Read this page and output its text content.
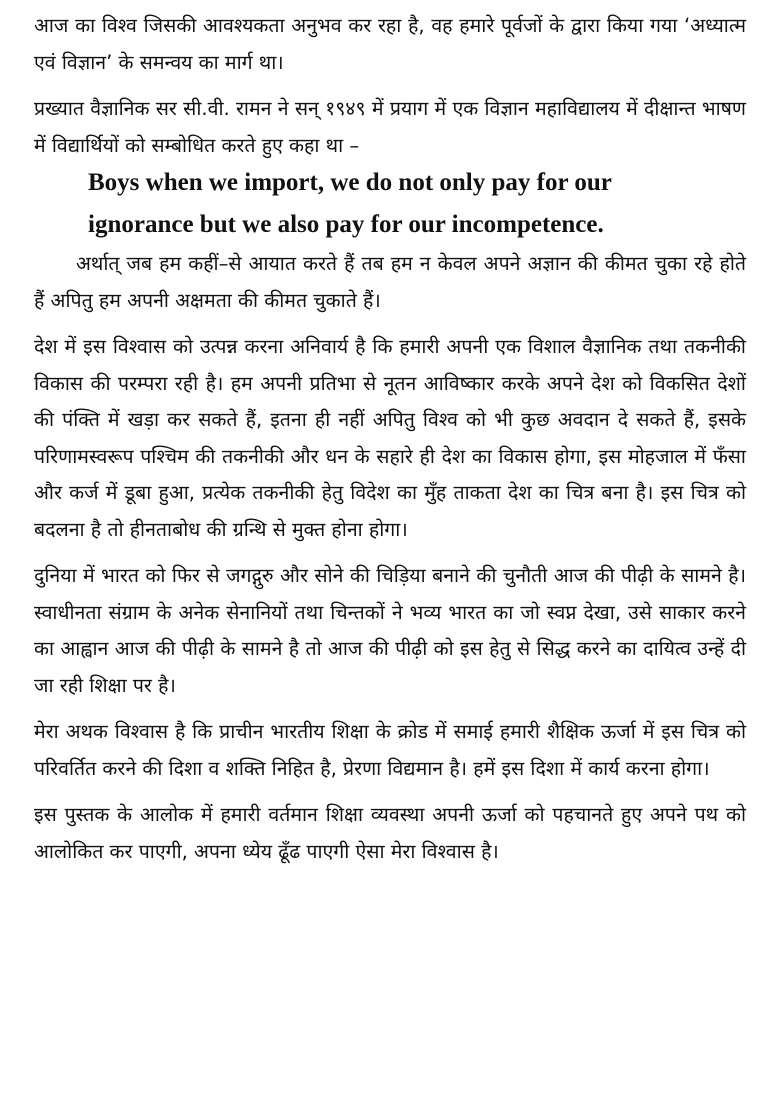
आज का विश्व जिसकी आवश्यकता अनुभव कर रहा है, वह हमारे पूर्वजों के द्वारा किया गया ‘अध्यात्म एवं विज्ञान’ के समन्वय का मार्ग था।

प्रख्यात वैज्ञानिक सर सी.वी. रामन ने सन् १९४९ में प्रयाग में एक विज्ञान महाविद्यालय में दीक्षान्त भाषण में विद्यार्थियों को सम्बोधित करते हुए कहा था –

Boys when we import, we do not only pay for our
ignorance but we also pay for our incompetence.

अर्थात् जब हम कहीं–से आयात करते हैं तब हम न केवल अपने अज्ञान की कीमत चुका रहे होते हैं अपितु हम अपनी अक्षमता की कीमत चुकाते हैं।

देश में इस विश्वास को उत्पन्न करना अनिवार्य है कि हमारी अपनी एक विशाल वैज्ञानिक तथा तकनीकी विकास की परम्परा रही है। हम अपनी प्रतिभा से नूतन आविष्कार करके अपने देश को विकसित देशों की पंक्ति में खड़ा कर सकते हैं, इतना ही नहीं अपितु विश्व को भी कुछ अवदान दे सकते हैं, इसके परिणामस्वरूप पश्चिम की तकनीकी और धन के सहारे ही देश का विकास होगा, इस मोहजाल में फँसा और कर्ज में डूबा हुआ, प्रत्येक तकनीकी हेतु विदेश का मुँह ताकता देश का चित्र बना है। इस चित्र को बदलना है तो हीनताबोध की ग्रन्थि से मुक्त होना होगा।

दुनिया में भारत को फिर से जगद्गुरु और सोने की चिड़िया बनाने की चुनौती आज की पीढ़ी के सामने है। स्वाधीनता संग्राम के अनेक सेनानियों तथा चिन्तकों ने भव्य भारत का जो स्वप्न देखा, उसे साकार करने का आह्वान आज की पीढ़ी के सामने है तो आज की पीढ़ी को इस हेतु से सिद्ध करने का दायित्व उन्हें दी जा रही शिक्षा पर है।

मेरा अथक विश्वास है कि प्राचीन भारतीय शिक्षा के क्रोड में समाई हमारी शैक्षिक ऊर्जा में इस चित्र को परिवर्तित करने की दिशा व शक्ति निहित है, प्रेरणा विद्यमान है। हमें इस दिशा में कार्य करना होगा।

इस पुस्तक के आलोक में हमारी वर्तमान शिक्षा व्यवस्था अपनी ऊर्जा को पहचानते हुए अपने पथ को आलोकित कर पाएगी, अपना ध्येय ढूँढ पाएगी ऐसा मेरा विश्वास है।
